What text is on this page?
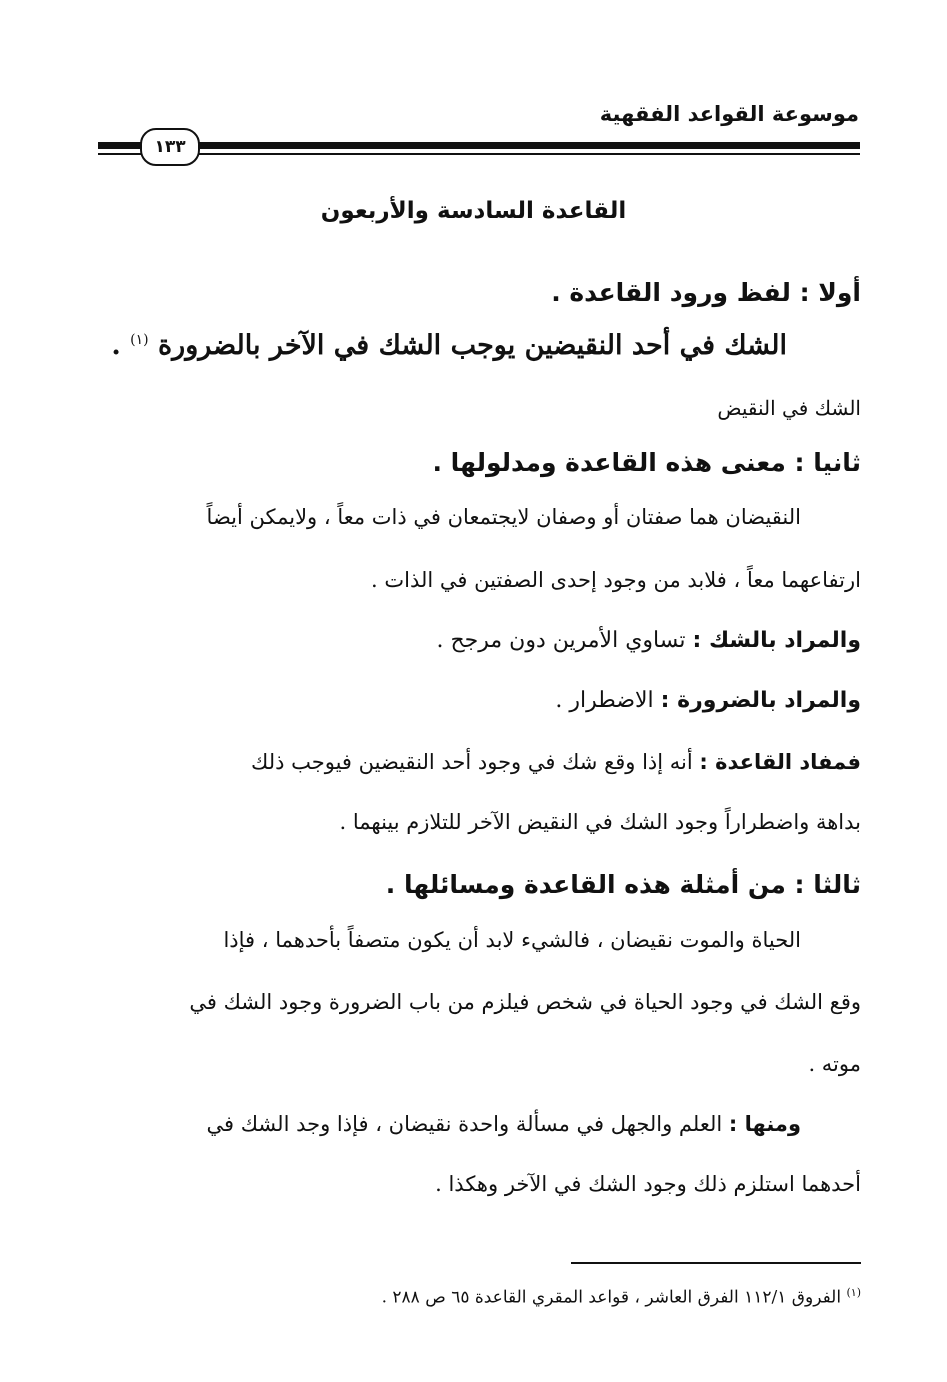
موسوعة القواعد الفقهية
١٣٣
القاعدة السادسة والأربعون
أولا : لفظ ورود القاعدة .
الشك في أحد النقيضين يوجب الشك في الآخر بالضرورة $^{(١)}$ .
الشك في النقيض
ثانيا : معنى هذه القاعدة ومدلولها .
النقيضان هما صفتان أو وصفان لايجتمعان في ذات معاً ، ولايمكن أيضاً
ارتفاعهما معاً ، فلابد من وجود إحدى الصفتين في الذات .
والمراد بالشك : تساوي الأمرين دون مرجح .
والمراد بالضرورة : الاضطرار .
فمفاد القاعدة : أنه إذا وقع شك في وجود أحد النقيضين فيوجب ذلك
بداهة واضطراراً وجود الشك في النقيض الآخر للتلازم بينهما .
ثالثا : من أمثلة هذه القاعدة ومسائلها .
الحياة والموت نقيضان ، فالشيء لابد أن يكون متصفاً بأحدهما ، فإذا
وقع الشك في وجود الحياة في شخص فيلزم من باب الضرورة وجود الشك في
موته .
ومنها : العلم والجهل في مسألة واحدة نقيضان ، فإذا وجد الشك في
أحدهما استلزم ذلك وجود الشك في الآخر وهكذا .
$^{(١)}$ الفروق ١١٢/١ الفرق العاشر ، قواعد المقري القاعدة ٦٥ ص ٢٨٨ .
